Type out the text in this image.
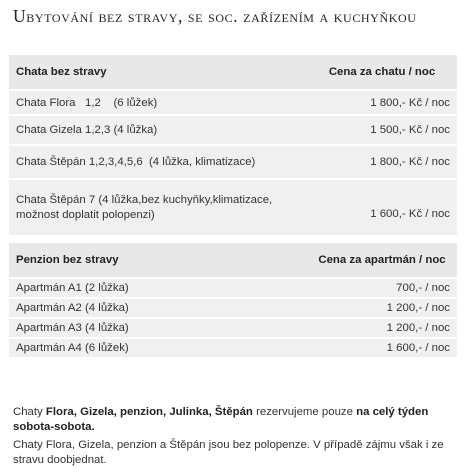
Ubytování bez stravy, se soc. zařízením a kuchyňkou
Chata bez stravy	Cena za chatu / noc
Chata Flora   1,2    (6 lůžek)	1 800,- Kč / noc
Chata Gizela 1,2,3 (4 lůžka)	1 500,- Kč / noc
Chata Štěpán 1,2,3,4,5,6  (4 lůžka, klimatizace)	1 800,- Kč / noc
Chata Štěpán 7 (4 lůžka,bez kuchyňky,klimatizace, možnost doplatit polopenzi)	1 600,- Kč / noc
Penzion bez stravy	Cena za apartmán / noc
Apartmán A1 (2 lůžka)	700,- / noc
Apartmán A2 (4 lůžka)	1 200,- / noc
Apartmán A3 (4 lůžka)	1 200,- / noc
Apartmán A4 (6 lůžek)	1 600,- / noc
Chaty Flora, Gizela, penzion, Julinka, Štěpán rezervujeme pouze na celý týden sobota-sobota.
Chaty Flora, Gizela, penzion a Štěpán jsou bez polopenze. V případě zájmu však i ze stravu doobjednat.
